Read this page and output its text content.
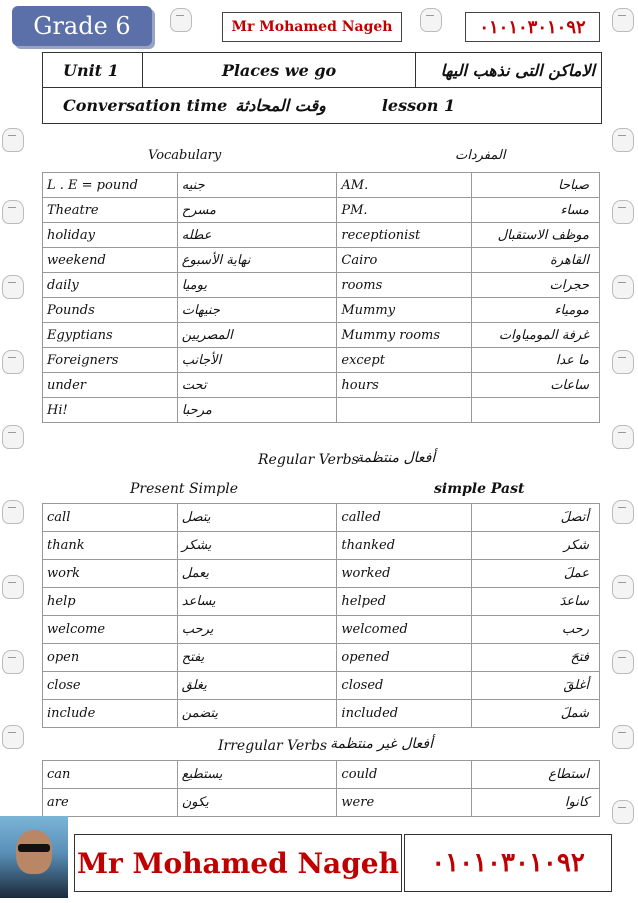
Grade 6	Mr Mohamed Nageh	٠١٠١٠٣٠١٠٩٢
Unit 1	Places we go	الاماكن التى نذهب اليها
Conversation time وقت المحادثة	lesson 1
Vocabulary	المفردات
L . E = pound	جنيه	AM.	صباحا
Theatre	مسرح	PM.	مساء
holiday	عطله	receptionist	موظف الاستقبال
weekend	نهاية الأسبوع	Cairo	القاهرة
daily	يوميا	rooms	حجرات
Pounds	جنيهات	Mummy	مومياء
Egyptians	المصريين	Mummy rooms	غرفة المومياوات
Foreigners	الأجانب	except	ما عدا
under	تحت	hours	ساعات
Hi!	مرحبا		
Regular Verbs
أفعال منتظمة
Present Simple	simple Past
call	يتصل	called	أتصلَ
thank	يشكر	thanked	شكر
work	يعمل	worked	عملَ
help	يساعد	helped	ساعدَ
welcome	يرحب	welcomed	رحب
open	يفتح	opened	فتحَ
close	يغلق	closed	أغلقَ
include	يتضمن	included	شملَ
Irregular Verbs أفعال غير منتظمة
can	يستطيع	could	استطاع
are	يكون	were	كانوا
Mr Mohamed Nageh	٠١٠١٠٣٠١٠٩٢
